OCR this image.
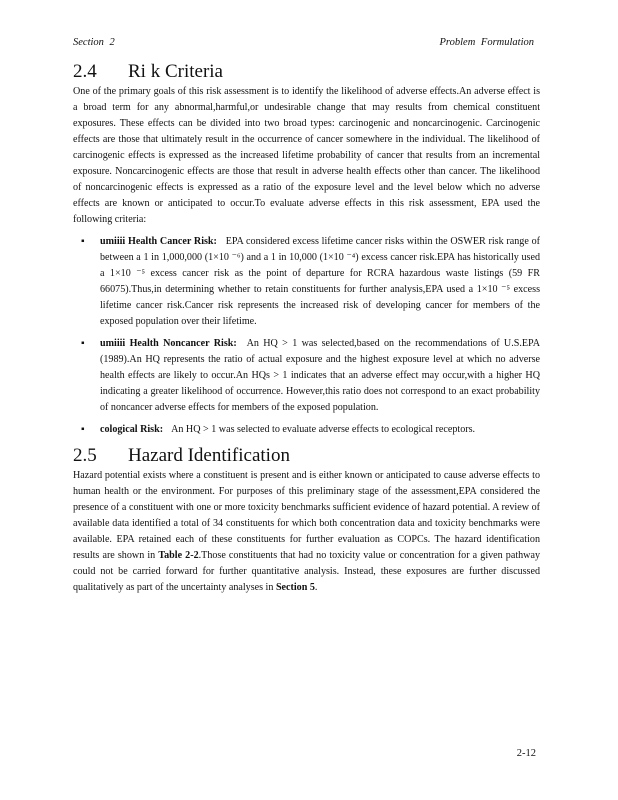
Section 2	Problem Formulation
2.4	Ri k Criteria

One of the primary goals of this risk assessment is to identify the likelihood of adverse effects.An adverse effect is a broad term for any abnormal,harmful,or undesirable change that may results from chemical constituent exposures. These effects can be divided into two broad types: carcinogenic and noncarcinogenic. Carcinogenic effects are those that ultimately result in the occurrence of cancer somewhere in the individual. The likelihood of carcinogenic effects is expressed as the increased lifetime probability of cancer that results from an incremental exposure. Noncarcinogenic effects are those that result in adverse health effects other than cancer. The likelihood of noncarcinogenic effects is expressed as a ratio of the exposure level and the level below which no adverse effects are known or anticipated to occur.To evaluate adverse effects in this risk assessment, EPA used the following criteria:

▪ umiiii Health Cancer Risk: EPA considered excess lifetime cancer risks within the OSWER risk range of between a 1 in 1,000,000 (1×10 ⁻⁶) and a 1 in 10,000 (1×10 ⁻⁴) excess cancer risk.EPA has historically used a 1×10 ⁻⁵ excess cancer risk as the point of departure for RCRA hazardous waste listings (59 FR 66075).Thus,in determining whether to retain constituents for further analysis,EPA used a 1×10 ⁻⁵ excess lifetime cancer risk.Cancer risk represents the increased risk of developing cancer for members of the exposed population over their lifetime.
▪ umiiii Health Noncancer Risk: An HQ > 1 was selected,based on the recommendations of U.S.EPA (1989).An HQ represents the ratio of actual exposure and the highest exposure level at which no adverse health effects are likely to occur.An HQs > 1 indicates that an adverse effect may occur,with a higher HQ indicating a greater likelihood of occurrence. However,this ratio does not correspond to an exact probability of noncancer adverse effects for members of the exposed population.
▪ cological Risk: An HQ > 1 was selected to evaluate adverse effects to ecological receptors.
2.5	Hazard Identification

Hazard potential exists where a constituent is present and is either known or anticipated to cause adverse effects to human health or the environment. For purposes of this preliminary stage of the assessment,EPA considered the presence of a constituent with one or more toxicity benchmarks sufficient evidence of hazard potential. A review of available data identified a total of 34 constituents for which both concentration data and toxicity benchmarks were available. EPA retained each of these constituents for further evaluation as COPCs. The hazard identification results are shown in Table 2-2.Those constituents that had no toxicity value or concentration for a given pathway could not be carried forward for further quantitative analysis. Instead, these exposures are further discussed qualitatively as part of the uncertainty analyses in Section 5.

2-12
